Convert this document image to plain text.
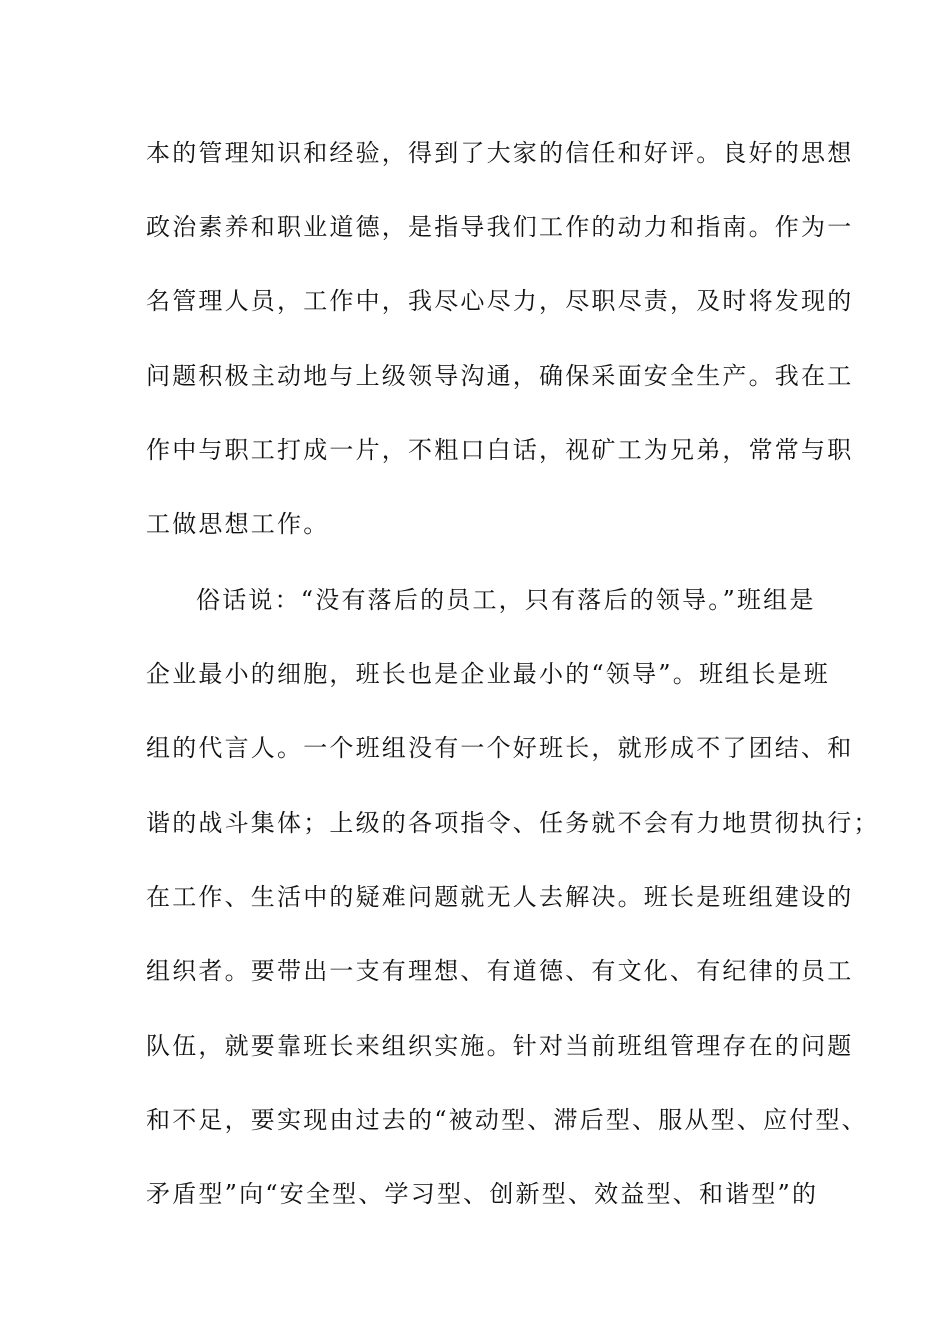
本的管理知识和经验，得到了大家的信任和好评。良好的思想
政治素养和职业道德，是指导我们工作的动力和指南。作为一
名管理人员，工作中，我尽心尽力，尽职尽责，及时将发现的
问题积极主动地与上级领导沟通，确保采面安全生产。我在工
作中与职工打成一片，不粗口白话，视矿工为兄弟，常常与职
工做思想工作。
俗话说：“没有落后的员工，只有落后的领导。”班组是
企业最小的细胞，班长也是企业最小的“领导”。班组长是班
组的代言人。一个班组没有一个好班长，就形成不了团结、和
谐的战斗集体；上级的各项指令、任务就不会有力地贯彻执行；
在工作、生活中的疑难问题就无人去解决。班长是班组建设的
组织者。要带出一支有理想、有道德、有文化、有纪律的员工
队伍，就要靠班长来组织实施。针对当前班组管理存在的问题
和不足，要实现由过去的“被动型、滞后型、服从型、应付型、
矛盾型”向“安全型、学习型、创新型、效益型、和谐型”的
